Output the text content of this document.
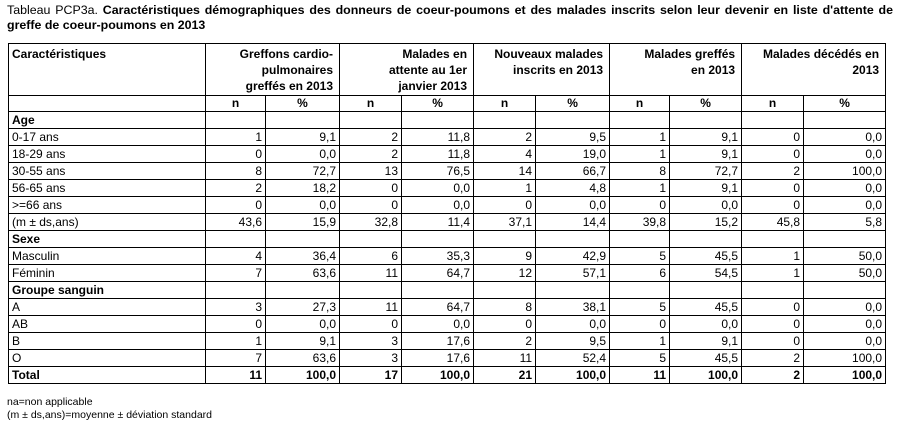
Tableau PCP3a. Caractéristiques démographiques des donneurs de coeur-poumons et des malades inscrits selon leur devenir en liste d'attente de greffe de coeur-poumons en 2013
Caractéristiques	Greffons cardio-pulmonaires greffés en 2013		Malades en attente au 1er janvier 2013		Nouveaux malades inscrits en 2013		Malades greffés en 2013		Malades décédés en 2013	
	n	%	n	%	n	%	n	%	n	%
Age										
0-17 ans	1	9,1	2	11,8	2	9,5	1	9,1	0	0,0
18-29 ans	0	0,0	2	11,8	4	19,0	1	9,1	0	0,0
30-55 ans	8	72,7	13	76,5	14	66,7	8	72,7	2	100,0
56-65 ans	2	18,2	0	0,0	1	4,8	1	9,1	0	0,0
>=66 ans	0	0,0	0	0,0	0	0,0	0	0,0	0	0,0
(m ± ds,ans)	43,6	15,9	32,8	11,4	37,1	14,4	39,8	15,2	45,8	5,8
Sexe										
Masculin	4	36,4	6	35,3	9	42,9	5	45,5	1	50,0
Féminin	7	63,6	11	64,7	12	57,1	6	54,5	1	50,0
Groupe sanguin										
A	3	27,3	11	64,7	8	38,1	5	45,5	0	0,0
AB	0	0,0	0	0,0	0	0,0	0	0,0	0	0,0
B	1	9,1	3	17,6	2	9,5	1	9,1	0	0,0
O	7	63,6	3	17,6	11	52,4	5	45,5	2	100,0
Total	11	100,0	17	100,0	21	100,0	11	100,0	2	100,0
na=non applicable
(m ± ds,ans)=moyenne ± déviation standard
